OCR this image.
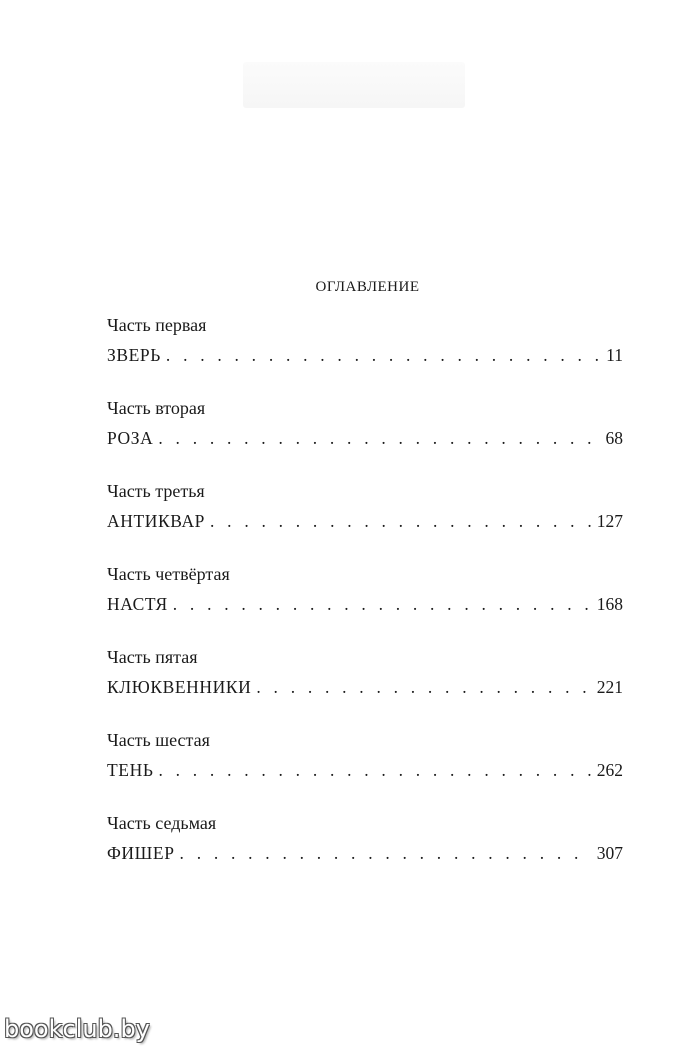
оглавление
Часть первая
ЗВЕРЬ . . .	11
Часть вторая
РОЗА . . .	68
Часть третья
АНТИКВАР . . .	127
Часть четвёртая
НАСТЯ . . .	168
Часть пятая
КЛЮКВЕННИКИ . . .	221
Часть шестая
ТЕНЬ . . .	262
Часть седьмая
ФИШЕР . . .	307
bookclub.by
